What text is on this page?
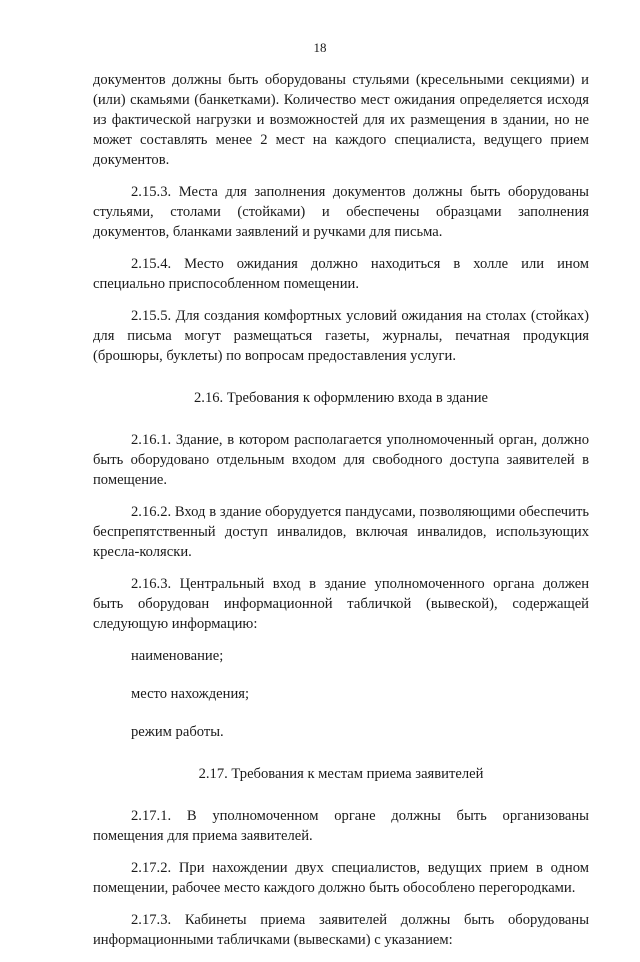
18

документов должны быть оборудованы стульями (кресельными секциями) и (или) скамьями (банкетками). Количество мест ожидания определяется исходя из фактической нагрузки и возможностей для их размещения в здании, но не может составлять менее 2 мест на каждого специалиста, ведущего прием документов.

2.15.3. Места для заполнения документов должны быть оборудованы стульями, столами (стойками) и обеспечены образцами заполнения документов, бланками заявлений и ручками для письма.

2.15.4. Место ожидания должно находиться в холле или ином специально приспособленном помещении.

2.15.5. Для создания комфортных условий ожидания на столах (стойках) для письма могут размещаться газеты, журналы, печатная продукция (брошюры, буклеты) по вопросам предоставления услуги.

2.16. Требования к оформлению входа в здание

2.16.1. Здание, в котором располагается уполномоченный орган, должно быть оборудовано отдельным входом для свободного доступа заявителей в помещение.

2.16.2. Вход в здание оборудуется пандусами, позволяющими обеспечить беспрепятственный доступ инвалидов, включая инвалидов, использующих кресла-коляски.

2.16.3. Центральный вход в здание уполномоченного органа должен быть оборудован информационной табличкой (вывеской), содержащей следующую информацию:

наименование;

место нахождения;

режим работы.

2.17. Требования к местам приема заявителей

2.17.1. В уполномоченном органе должны быть организованы помещения для приема заявителей.

2.17.2. При нахождении двух специалистов, ведущих прием в одном помещении, рабочее место каждого должно быть обособлено перегородками.

2.17.3. Кабинеты приема заявителей должны быть оборудованы информационными табличками (вывесками) с указанием:
